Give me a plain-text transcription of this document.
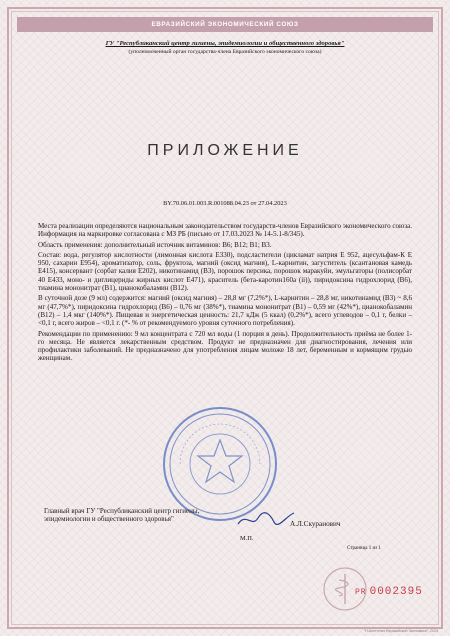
ЕВРАЗИЙСКИЙ ЭКОНОМИЧЕСКИЙ СОЮЗ
ГУ "Республиканский центр гигиены, эпидемиологии и общественного здоровья"
(уполномоченный орган государства-члена Евразийского экономического союза)
ПРИЛОЖЕНИЕ
BY.70.06.01.003.R.001088.04.23 от 27.04.2023

Места реализации определяются национальным законодательством государств-членов Евразийского экономического союза. Информация на маркировке согласована с МЗ РБ (письмо от 17.03.2023 № 14-5.1-8/345).

Область применения: дополнительный источник витаминов: В6; В12; В1; В3.

Состав: вода, регулятор кислотности (лимонная кислота Е330), подсластители (цикламат натрия Е 952, ацесульфам-К Е 950, сахарин Е954), ароматизатор, соль, фруктоза, магний (оксид магния), L-карнитин, загуститель (ксантановая камедь Е415), консервант (сорбат калия Е202), никотинамид (В3), порошок персика, порошок маракуйи, эмульгаторы (полисорбат 40 Е433, моно- и диглицериды жирных кислот Е471), краситель (бета-каротин160а (ii)), пиридоксина гидрохлорид (В6), тиамина мононитрат (В1), цианокобаламин (В12).

В суточной дозе (9 мл) содержится: магний (оксид магния) – 28,8 мг (7,2%*), L-карнитин – 28,8 мг, никотинамид (В3) ~ 8,6 мг (47,7%*), пиридоксина гидрохлорид (В6) – 0,76 мг (38%*), тиамина мононитрат (В1) – 0,59 мг (42%*), цианокобаламин (В12) – 1,4 мкг (140%*). Пищевая и энергетическая ценность: 21,7 кДж (5 ккал) (0,2%*), всего углеводов – 0,1 г, белки – <0,1 г, всего жиров – <0,1 г. (*- % от рекомендуемого уровня суточного потребления).

Рекомендации по применению: 9 мл концентрата с 720 мл воды (1 порция в день). Продолжительность приёма не более 1-го месяца. Не является лекарственным средством. Продукт не предназначен для диагностирования, лечения или профилактики заболеваний. Не предназначено для употребления лицам моложе 18 лет, беременным и кормящим грудью женщинам.

Главный врач ГУ "Республиканский центр гигиены, эпидемиологии и общественного здоровья"
А.Л.Скуранович
М.П.
Страница 1 из 1
PR 0002395
"Н.Агентство Евразийской Экономики", 2023
